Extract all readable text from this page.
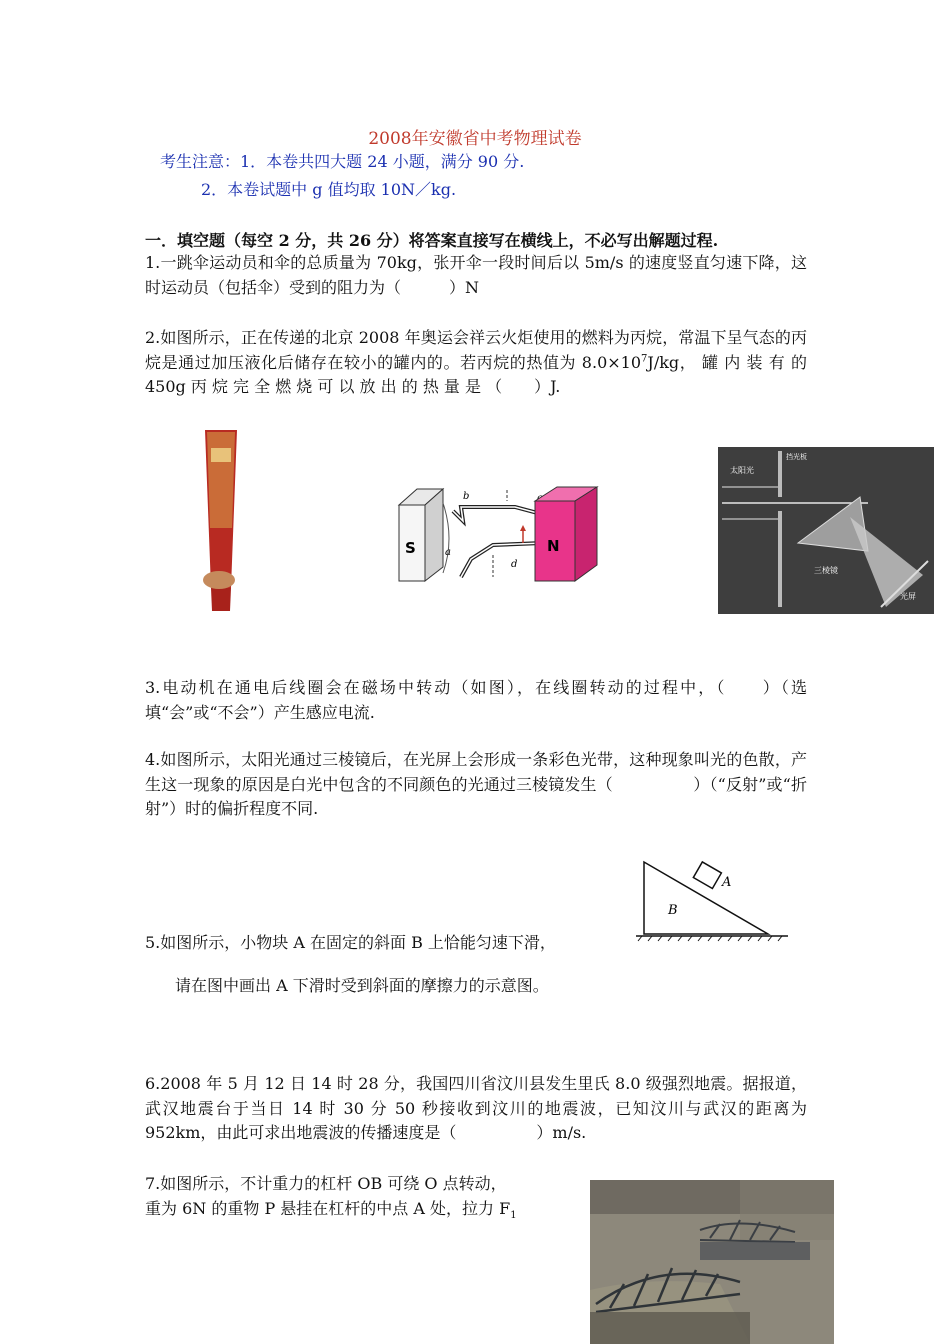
2008年安徽省中考物理试卷
考生注意：1．本卷共四大题 24 小题，满分 90 分.
2．本卷试题中 g 值均取 10N／kg.
一．填空题（每空 2 分，共 26 分）将答案直接写在横线上，不必写出解题过程.
1.一跳伞运动员和伞的总质量为 70kg，张开伞一段时间后以 5m/s 的速度竖直匀速下降，这时运动员（包括伞）受到的阻力为（　　　）N
2.如图所示，正在传递的北京 2008 年奥运会祥云火炬使用的燃料为丙烷，常温下呈气态的丙烷是通过加压液化后储存在较小的罐内的。若丙烷的热值为 $8.0\times 10^7J/kg$， 罐 内 装 有 的 450g 丙 烷 完 全 燃 烧 可 以 放 出 的 热 量 是 （　　）J.
S
b
a
d
N
太阳光
挡光板
三棱镜
光屏
3.电动机在通电后线圈会在磁场中转动（如图），在线圈转动的过程中，（　　）（选填“会”或“不会”）产生感应电流.
4.如图所示，太阳光通过三棱镜后，在光屏上会形成一条彩色光带，这种现象叫光的色散，产生这一现象的原因是白光中包含的不同颜色的光通过三棱镜发生（　　　　　）（“反射”或“折射”）时的偏折程度不同.
A
B
5.如图所示，小物块 A 在固定的斜面 B 上恰能匀速下滑，
请在图中画出 A 下滑时受到斜面的摩擦力的示意图。
6.2008 年 5 月 12 日 14 时 28 分，我国四川省汶川县发生里氏 8.0 级强烈地震。据报道，武汉地震台于当日 14 时 30 分 50 秒接收到汶川的地震波，已知汶川与武汉的距离为 952km，由此可求出地震波的传播速度是（　　　　　）m/s.
7.如图所示，不计重力的杠杆 OB 可绕 O 点转动，
重为 6N 的重物 P 悬挂在杠杆的中点 A 处，拉力 $F_1$
